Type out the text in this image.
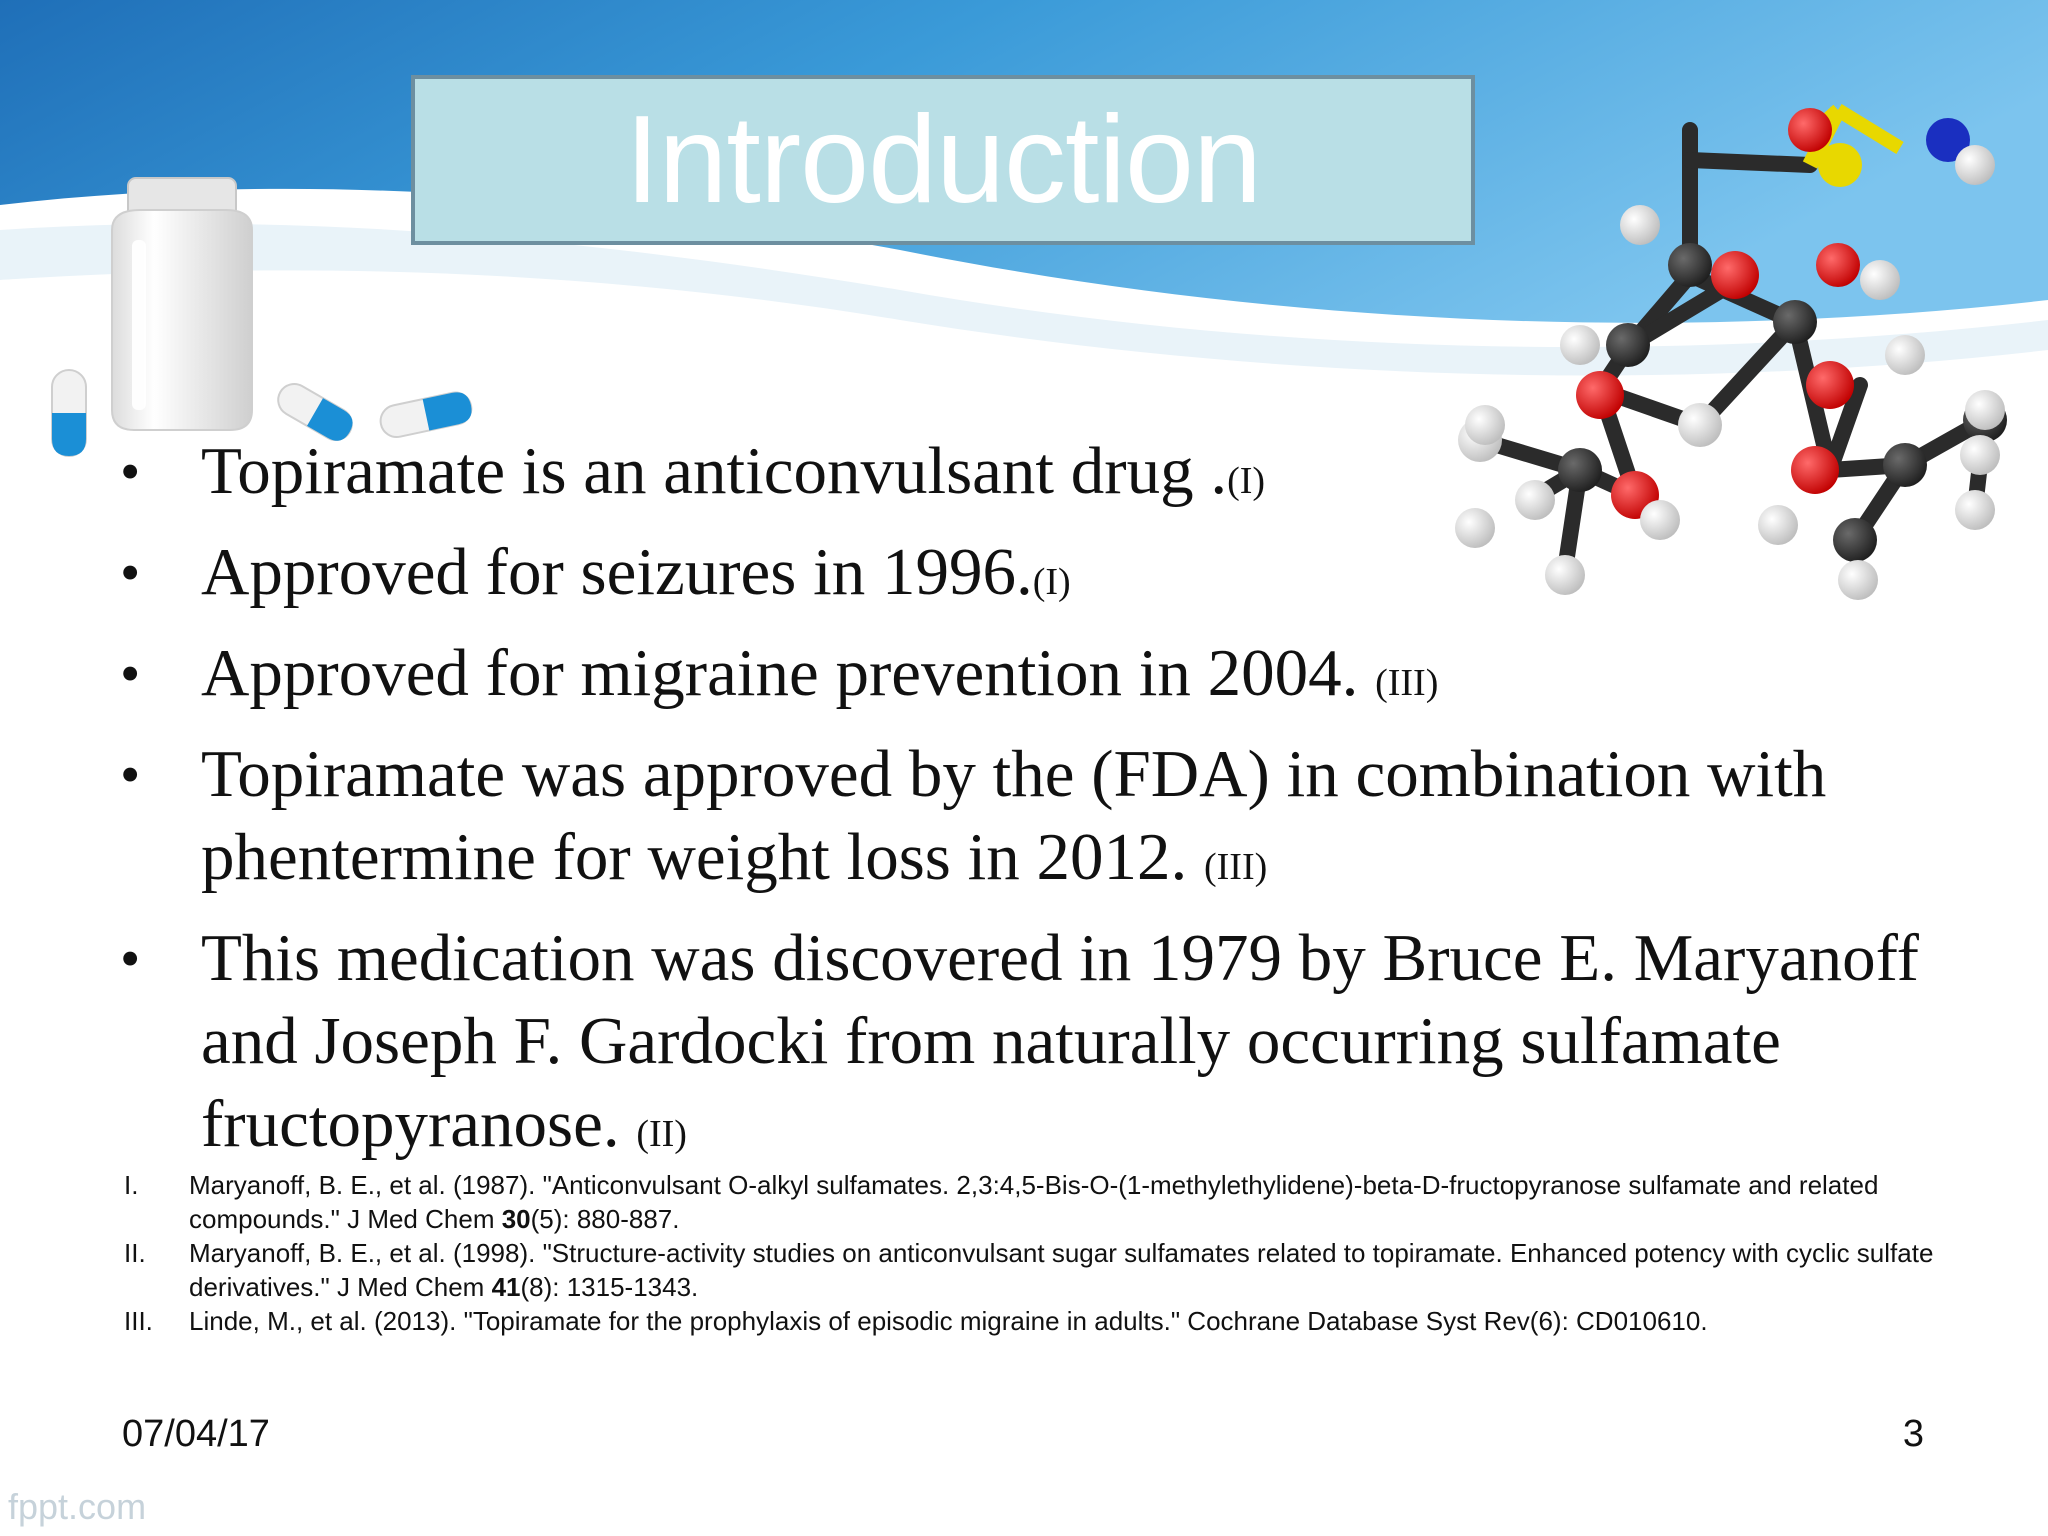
Introduction
• Topiramate is an anticonvulsant drug .(I)
• Approved for seizures in 1996.(I)
• Approved for migraine prevention in 2004. (III)
• Topiramate was approved by the (FDA) in combination with phentermine for weight loss in 2012. (III)
• This medication was discovered in 1979 by Bruce E. Maryanoff and Joseph F. Gardocki from naturally occurring sulfamate fructopyranose. (II)
I. Maryanoff, B. E., et al. (1987). "Anticonvulsant O-alkyl sulfamates. 2,3:4,5-Bis-O-(1-methylethylidene)-beta-D-fructopyranose sulfamate and related compounds." J Med Chem 30(5): 880-887.
II. Maryanoff, B. E., et al. (1998). "Structure-activity studies on anticonvulsant sugar sulfamates related to topiramate. Enhanced potency with cyclic sulfate derivatives." J Med Chem 41(8): 1315-1343.
III. Linde, M., et al. (2013). "Topiramate for the prophylaxis of episodic migraine in adults." Cochrane Database Syst Rev(6): CD010610.
07/04/17	3
fppt.com
